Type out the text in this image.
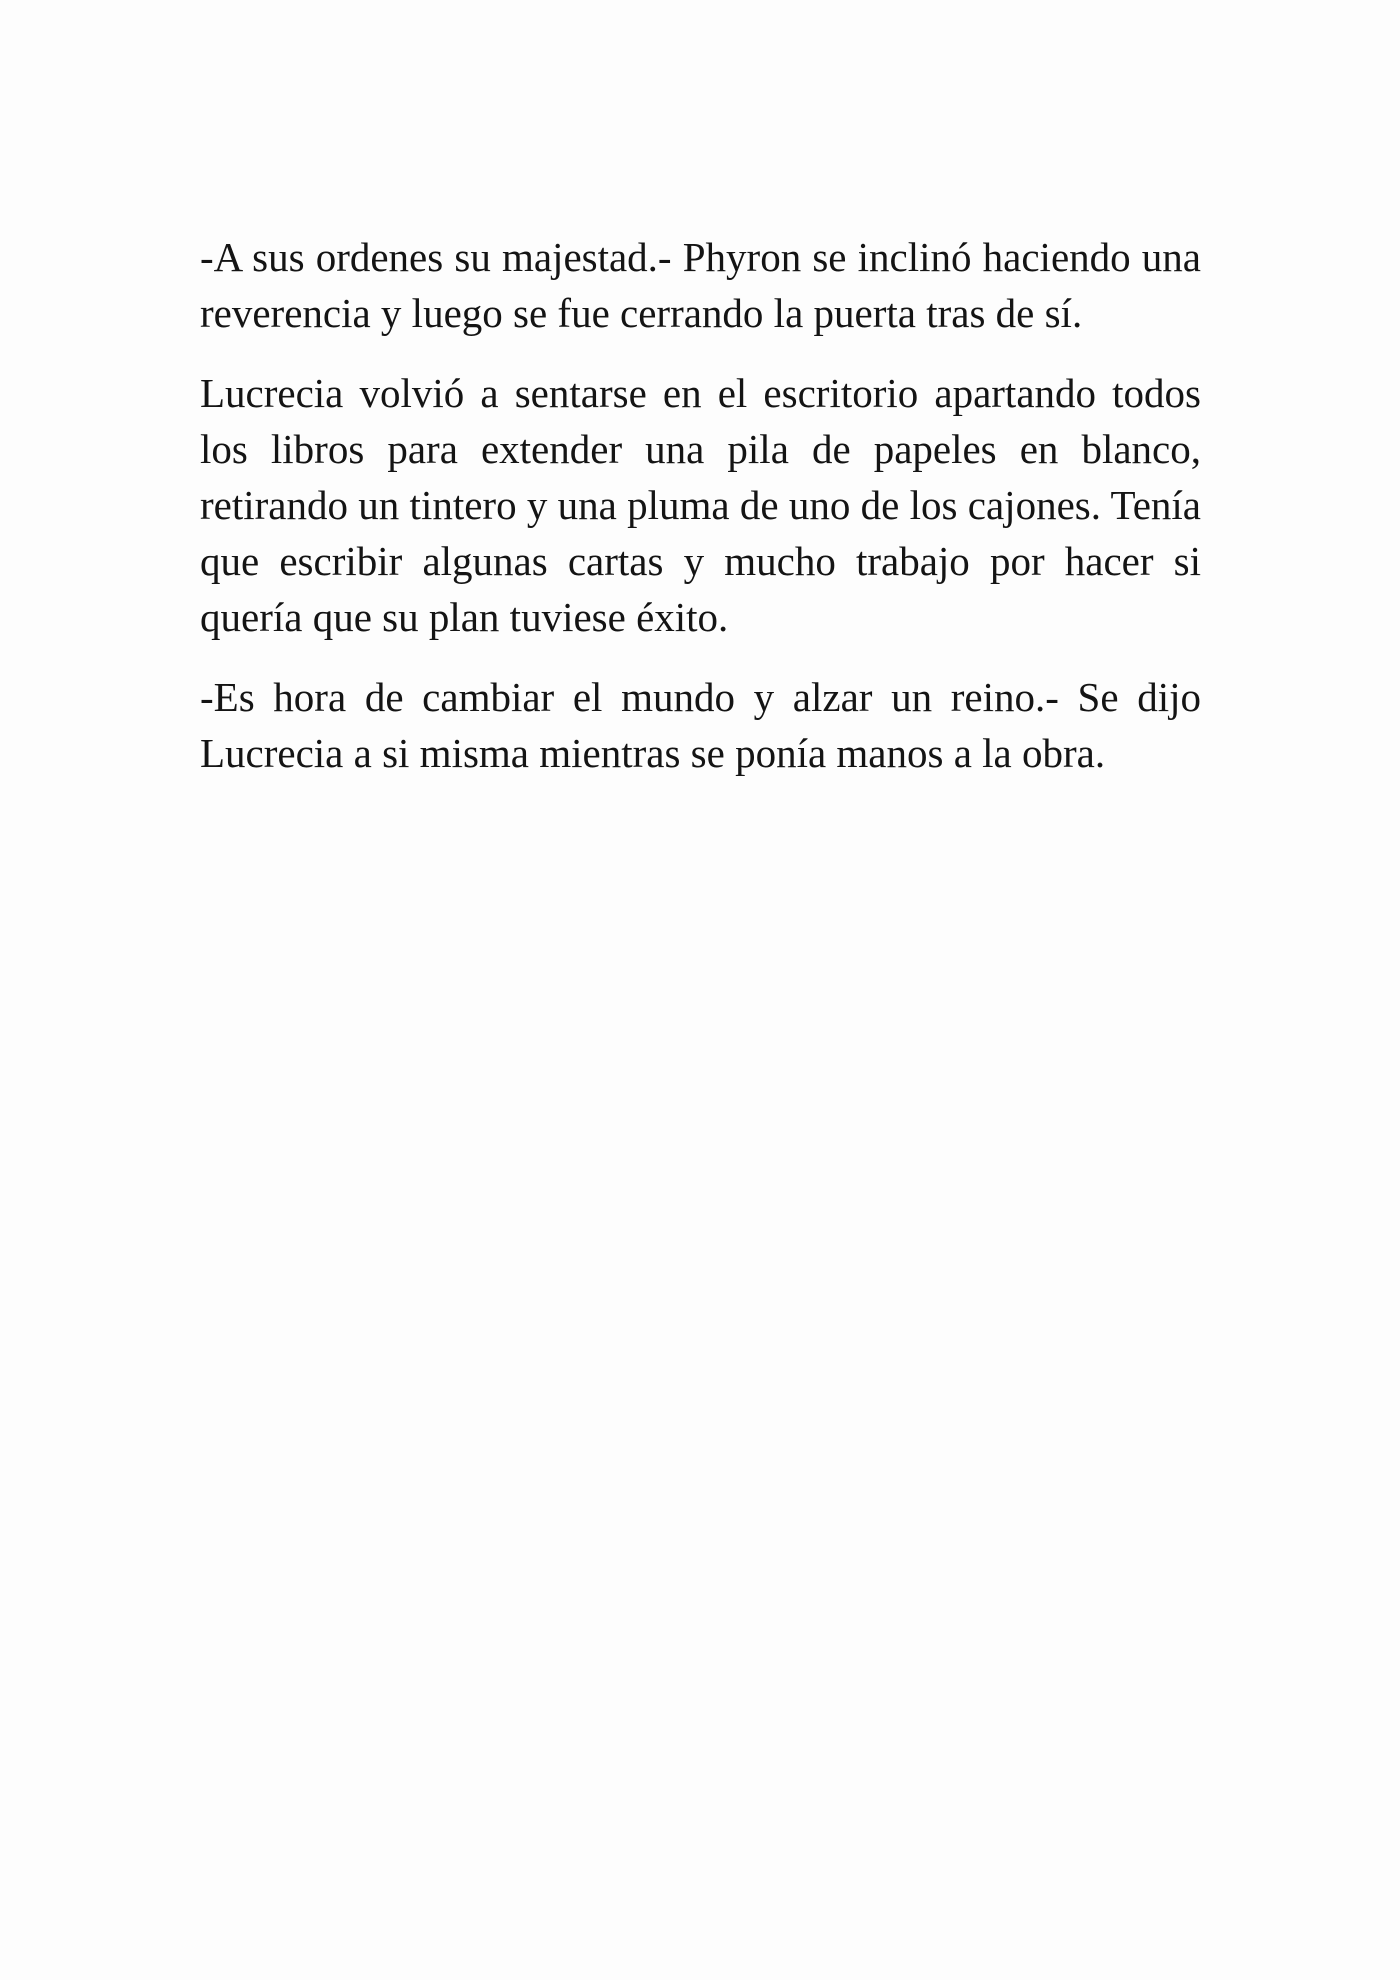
-A sus ordenes su majestad.- Phyron se inclinó haciendo una reverencia y luego se fue cerrando la puerta tras de sí.

Lucrecia volvió a sentarse en el escritorio apartando todos los libros para extender una pila de papeles en blanco, retirando un tintero y una pluma de uno de los cajones. Tenía que escribir algunas cartas y mucho trabajo por hacer si quería que su plan tuviese éxito.

-Es hora de cambiar el mundo y alzar un reino.- Se dijo Lucrecia a si misma mientras se ponía manos a la obra.
